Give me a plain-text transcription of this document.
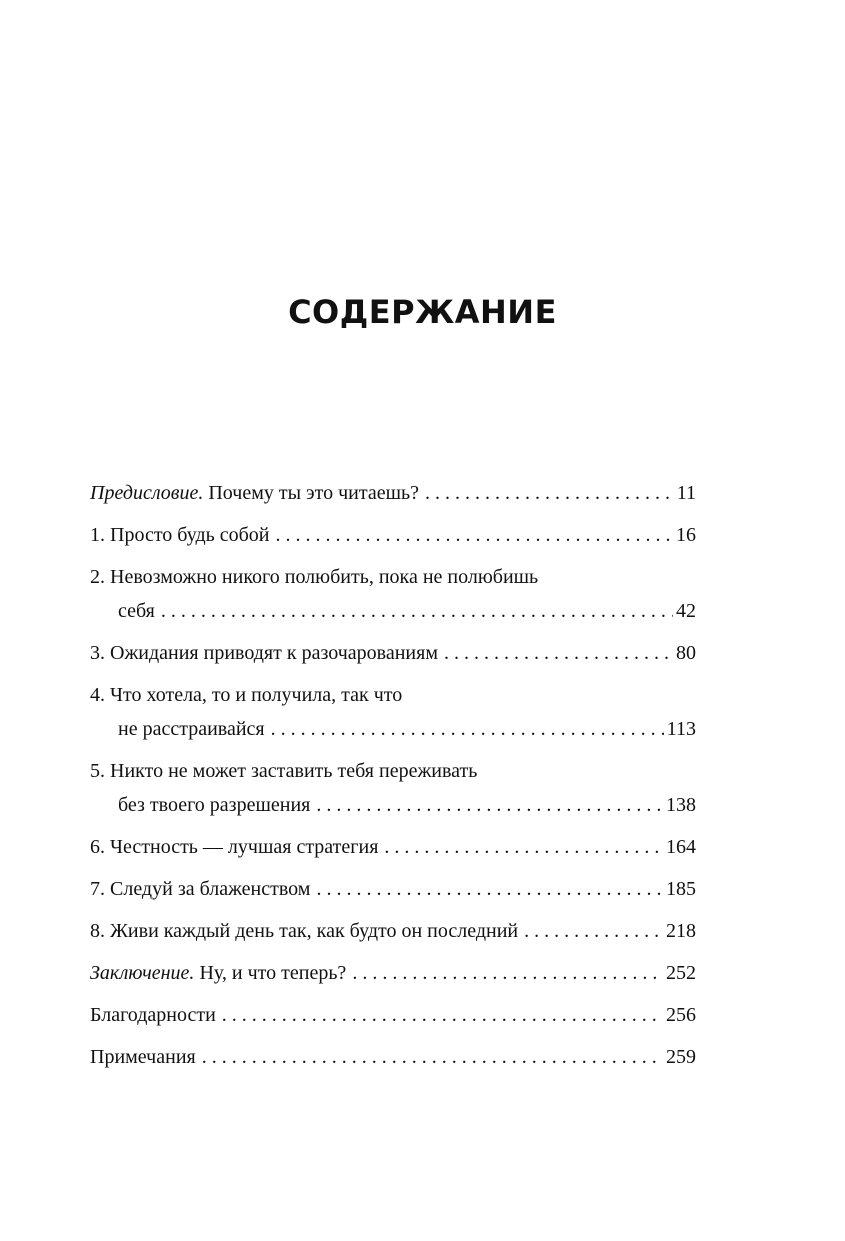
СОДЕРЖАНИЕ
Предисловие. Почему ты это читаешь? . . .	11
1. Просто будь собой . . .	16
2. Невозможно никого полюбить, пока не полюбишь
себя . . .	42
3. Ожидания приводят к разочарованиям . . .	80
4. Что хотела, то и получила, так что
не расстраивайся . . .	113
5. Никто не может заставить тебя переживать
без твоего разрешения . . .	138
6. Честность — лучшая стратегия . . .	164
7. Следуй за блаженством . . .	185
8. Живи каждый день так, как будто он последний . . .	218
Заключение. Ну, и что теперь? . . .	252
Благодарности . . .	256
Примечания . . .	259
